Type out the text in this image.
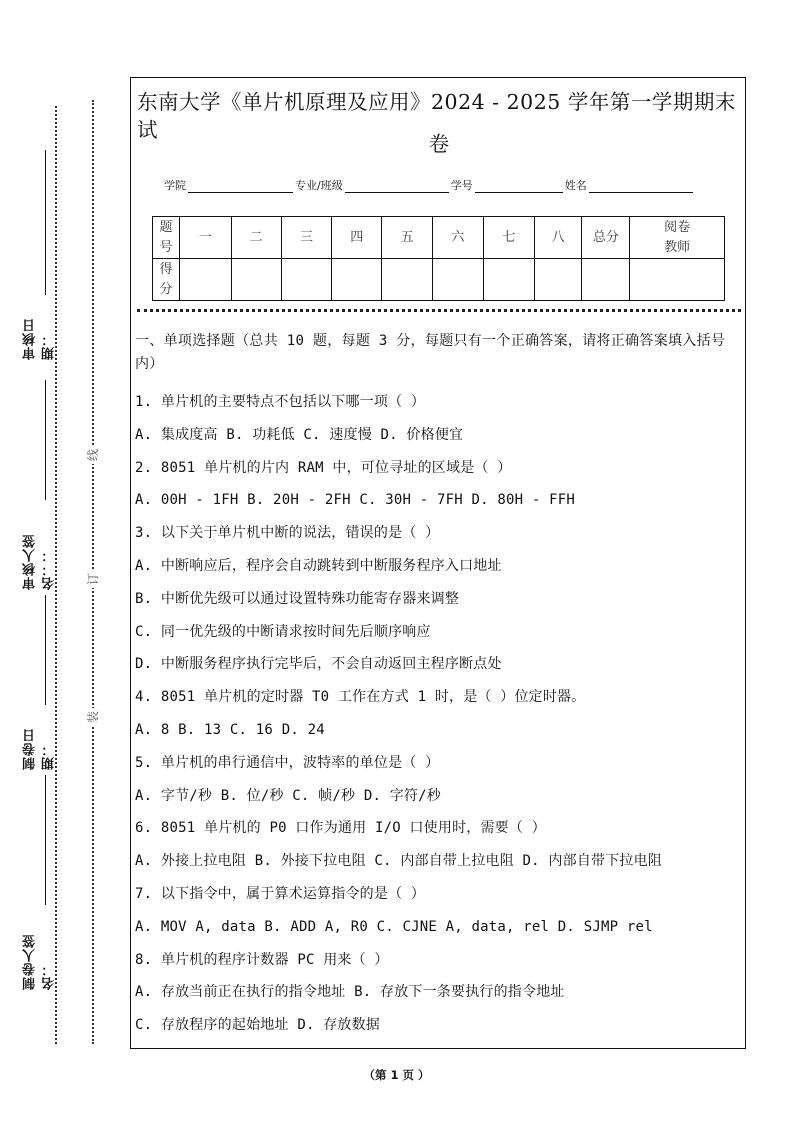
审核日期：
审核人签名：：
制卷日期：
制卷人签名：
线
订
装
东南大学《单片机原理及应用》2024 - 2025 学年第一学期期末试
卷
学院	专业/班级	学号	姓名
题
号	一	二	三	四	五	六	七	八	总分	阅卷
教师
得
分										
一、单项选择题（总共 10 题，每题 3 分，每题只有一个正确答案，请将正确答案填入括号内）
1. 单片机的主要特点不包括以下哪一项（ ）
A. 集成度高 B. 功耗低 C. 速度慢 D. 价格便宜
2. 8051 单片机的片内 RAM 中，可位寻址的区域是（ ）
A. 00H - 1FH B. 20H - 2FH C. 30H - 7FH D. 80H - FFH
3. 以下关于单片机中断的说法，错误的是（ ）
A. 中断响应后，程序会自动跳转到中断服务程序入口地址
B. 中断优先级可以通过设置特殊功能寄存器来调整
C. 同一优先级的中断请求按时间先后顺序响应
D. 中断服务程序执行完毕后，不会自动返回主程序断点处
4. 8051 单片机的定时器 T0 工作在方式 1 时，是（ ）位定时器。
A. 8 B. 13 C. 16 D. 24
5. 单片机的串行通信中，波特率的单位是（ ）
A. 字节/秒 B. 位/秒 C. 帧/秒 D. 字符/秒
6. 8051 单片机的 P0 口作为通用 I/O 口使用时，需要（ ）
A. 外接上拉电阻 B. 外接下拉电阻 C. 内部自带上拉电阻 D. 内部自带下拉电阻
7. 以下指令中，属于算术运算指令的是（ ）
A. MOV A, data B. ADD A, R0 C. CJNE A, data, rel D. SJMP rel
8. 单片机的程序计数器 PC 用来（ ）
A. 存放当前正在执行的指令地址 B. 存放下一条要执行的指令地址
C. 存放程序的起始地址 D. 存放数据
（第 1 页 ）
